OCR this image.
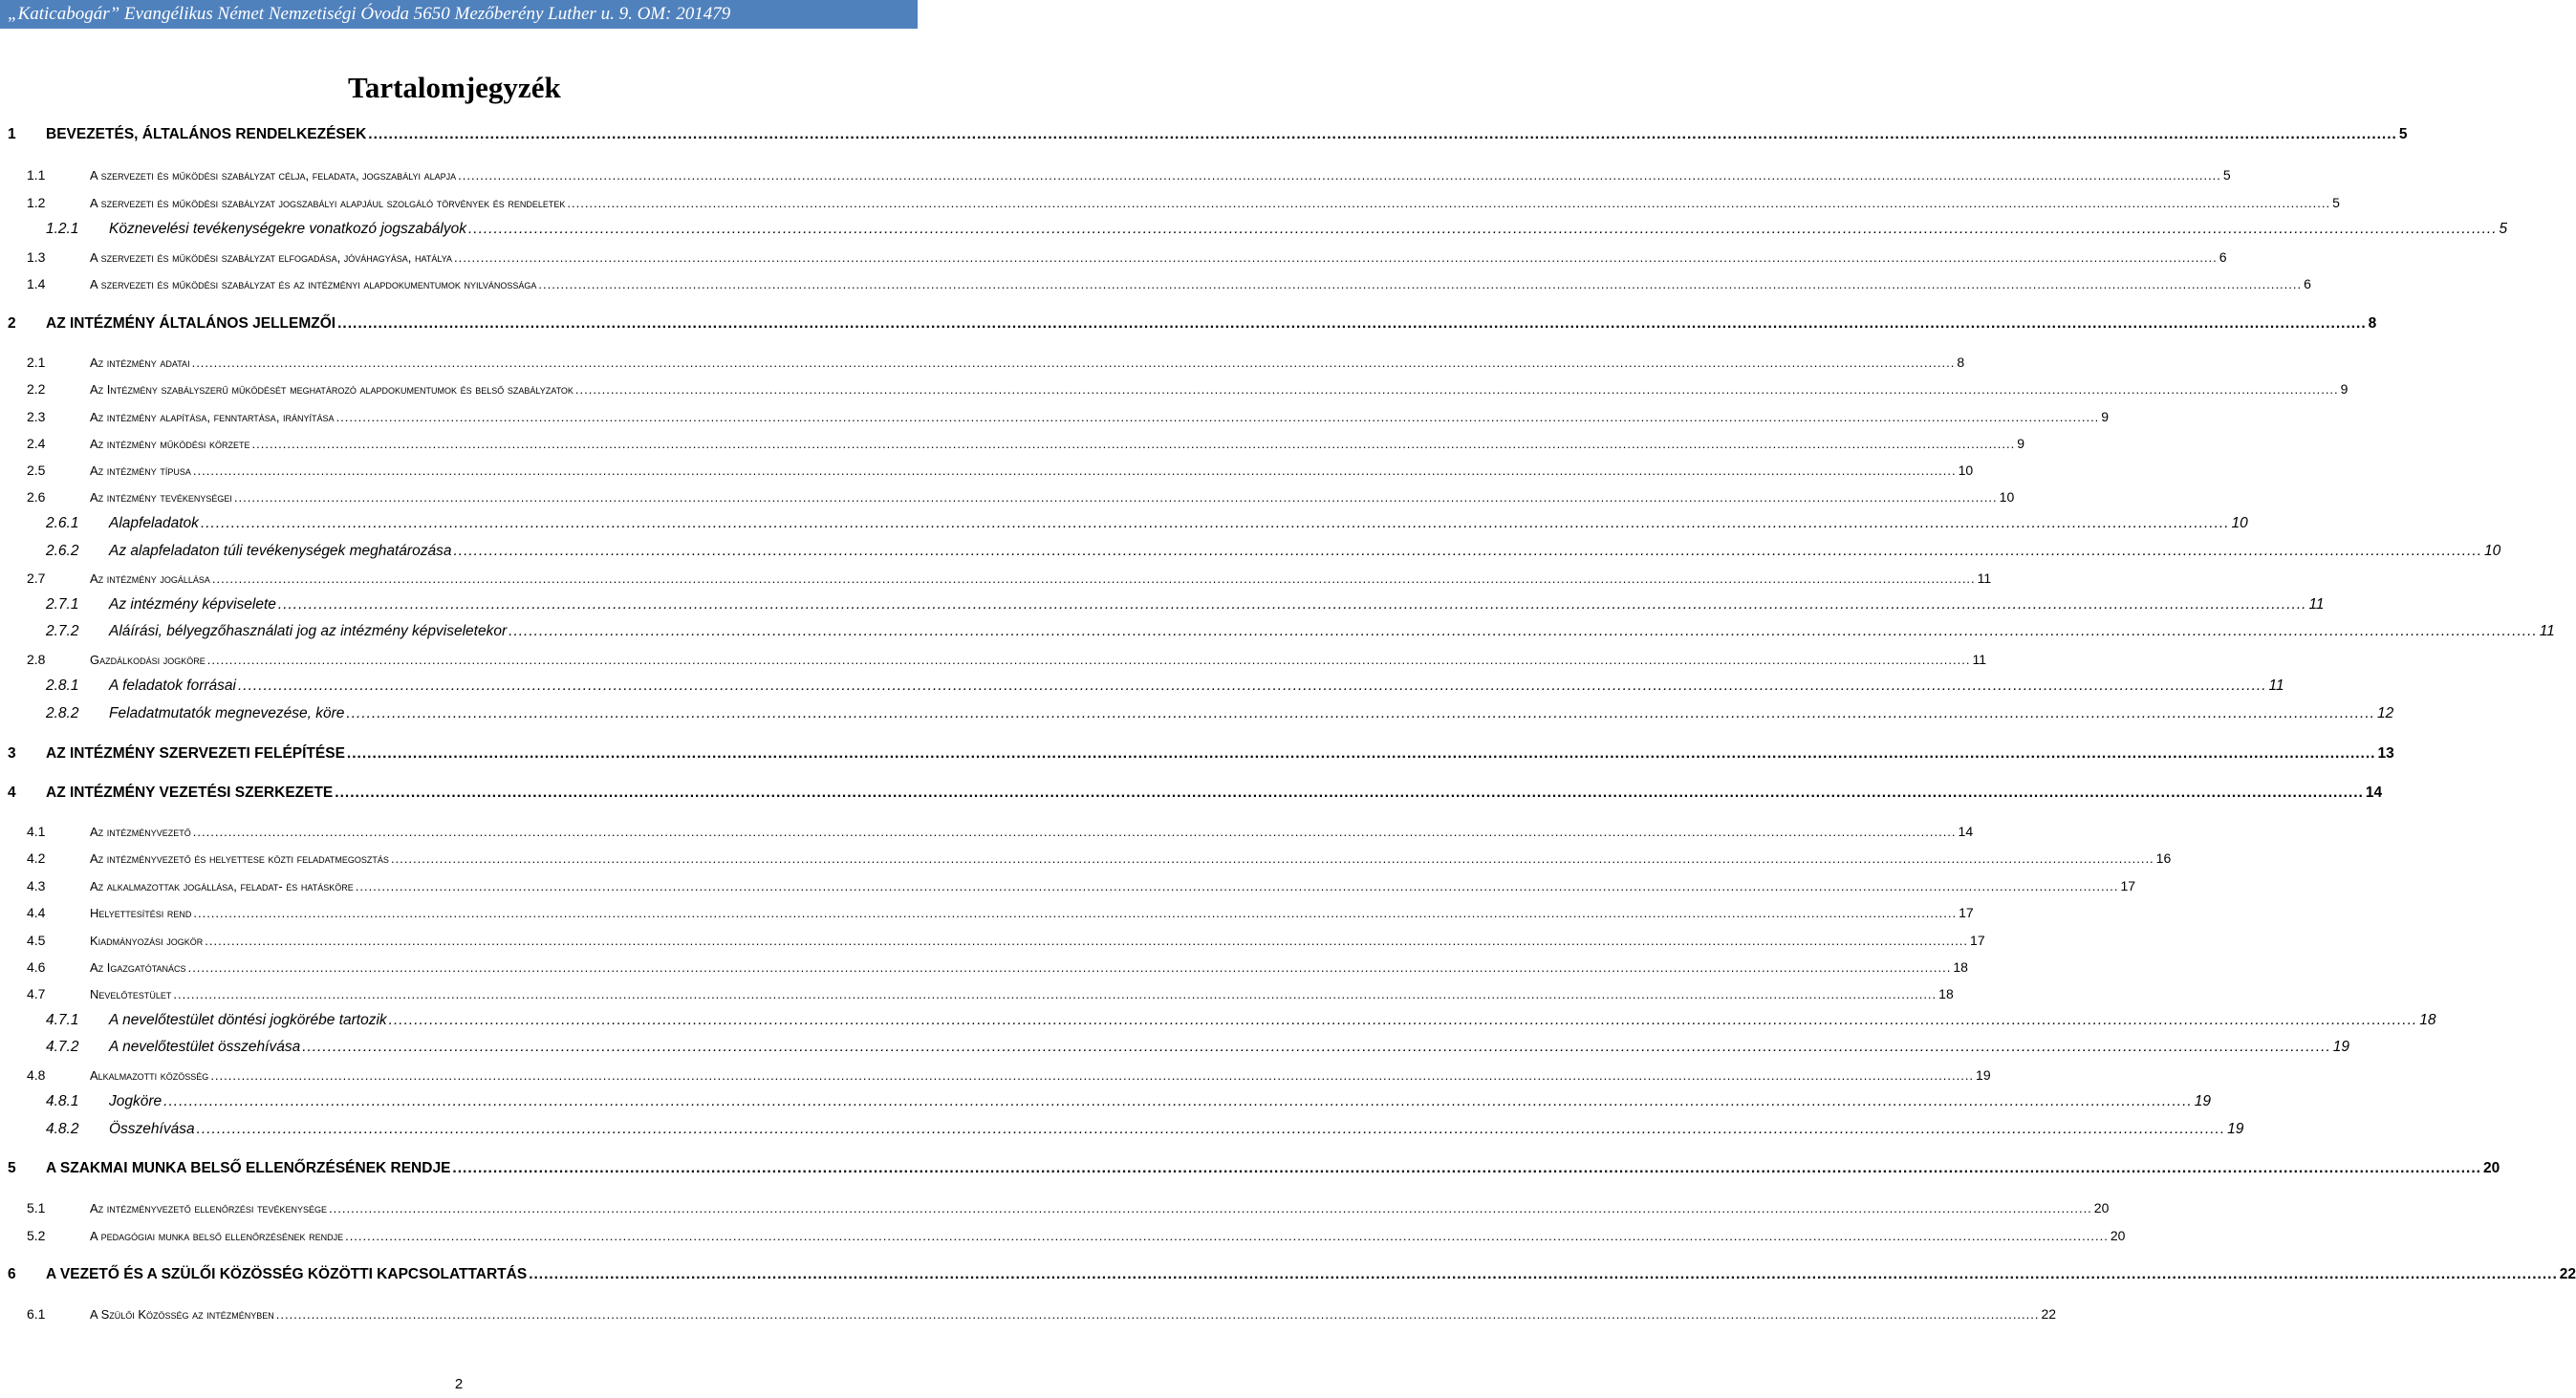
„Katicabogár” Evangélikus Német Nemzetiségi Óvoda 5650 Mezőberény Luther u. 9. OM: 201479
Tartalomjegyzék
1 BEVEZETÉS, ÁLTALÁNOS RENDELKEZÉSEK ................................................................................................................................................................................................................................................................................................................................................................................................................ 5
1.1	A szervezeti és működési szabályzat célja, feladata, jogszabályi alapja ................................................................................................................................................................................................................................................................................................................................................................................................................ 5
1.2	A szervezeti és működési szabályzat jogszabályi alapjául szolgáló törvények és rendeletek ................................................................................................................................................................................................................................................................................................................................................................................................................ 5
1.2.1 Köznevelési tevékenységekre vonatkozó jogszabályok ................................................................................................................................................................................................................................................................................................................................................................................................................ 5
1.3	A szervezeti és működési szabályzat elfogadása, jóváhagyása, hatálya ................................................................................................................................................................................................................................................................................................................................................................................................................ 6
1.4	A szervezeti és működési szabályzat és az intézményi alapdokumentumok nyilvánossága ................................................................................................................................................................................................................................................................................................................................................................................................................ 6
2 AZ INTÉZMÉNY ÁLTALÁNOS JELLEMZŐI ................................................................................................................................................................................................................................................................................................................................................................................................................ 8
2.1	Az intézmény adatai ................................................................................................................................................................................................................................................................................................................................................................................................................ 8
2.2	Az Intézmény szabályszerű működését meghatározó alapdokumentumok és belső szabályzatok ................................................................................................................................................................................................................................................................................................................................................................................................................ 9
2.3	Az intézmény alapítása, fenntartása, irányítása ................................................................................................................................................................................................................................................................................................................................................................................................................ 9
2.4	Az intézmény működési körzete ................................................................................................................................................................................................................................................................................................................................................................................................................ 9
2.5	Az intézmény típusa ................................................................................................................................................................................................................................................................................................................................................................................................................ 10
2.6	Az intézmény tevékenységei ................................................................................................................................................................................................................................................................................................................................................................................................................ 10
2.6.1 Alapfeladatok ................................................................................................................................................................................................................................................................................................................................................................................................................ 10
2.6.2 Az alapfeladaton túli tevékenységek meghatározása ................................................................................................................................................................................................................................................................................................................................................................................................................ 10
2.7	Az intézmény jogállása ................................................................................................................................................................................................................................................................................................................................................................................................................ 11
2.7.1 Az intézmény képviselete ................................................................................................................................................................................................................................................................................................................................................................................................................ 11
2.7.2 Aláírási, bélyegzőhasználati jog az intézmény képviseletekor ................................................................................................................................................................................................................................................................................................................................................................................................................ 11
2.8	Gazdálkodási jogköre ................................................................................................................................................................................................................................................................................................................................................................................................................ 11
2.8.1 A feladatok forrásai ................................................................................................................................................................................................................................................................................................................................................................................................................ 11
2.8.2 Feladatmutatók megnevezése, köre ................................................................................................................................................................................................................................................................................................................................................................................................................ 12
3 AZ INTÉZMÉNY SZERVEZETI FELÉPÍTÉSE ................................................................................................................................................................................................................................................................................................................................................................................................................ 13
4 AZ INTÉZMÉNY VEZETÉSI SZERKEZETE ................................................................................................................................................................................................................................................................................................................................................................................................................ 14
4.1	Az intézményvezető ................................................................................................................................................................................................................................................................................................................................................................................................................ 14
4.2	Az intézményvezető és helyettese közti feladatmegosztás ................................................................................................................................................................................................................................................................................................................................................................................................................ 16
4.3	Az alkalmazottak jogállása, feladat- és hatásköre ................................................................................................................................................................................................................................................................................................................................................................................................................ 17
4.4	Helyettesítési rend ................................................................................................................................................................................................................................................................................................................................................................................................................ 17
4.5	Kiadmányozási jogkör ................................................................................................................................................................................................................................................................................................................................................................................................................ 17
4.6	Az Igazgatótanács ................................................................................................................................................................................................................................................................................................................................................................................................................ 18
4.7	Nevelőtestület ................................................................................................................................................................................................................................................................................................................................................................................................................ 18
4.7.1 A nevelőtestület döntési jogkörébe tartozik ................................................................................................................................................................................................................................................................................................................................................................................................................ 18
4.7.2 A nevelőtestület összehívása ................................................................................................................................................................................................................................................................................................................................................................................................................ 19
4.8	Alkalmazotti közösség ................................................................................................................................................................................................................................................................................................................................................................................................................ 19
4.8.1 Jogköre ................................................................................................................................................................................................................................................................................................................................................................................................................ 19
4.8.2 Összehívása ................................................................................................................................................................................................................................................................................................................................................................................................................ 19
5 A SZAKMAI MUNKA BELSŐ ELLENŐRZÉSÉNEK RENDJE ................................................................................................................................................................................................................................................................................................................................................................................................................ 20
5.1	Az intézményvezető ellenőrzési tevékenysége ................................................................................................................................................................................................................................................................................................................................................................................................................ 20
5.2	A pedagógiai munka belső ellenőrzésének rendje ................................................................................................................................................................................................................................................................................................................................................................................................................ 20
6 A VEZETŐ ÉS A SZÜLŐI KÖZÖSSÉG KÖZÖTTI KAPCSOLATTARTÁS ................................................................................................................................................................................................................................................................................................................................................................................................................ 22
6.1	A Szülői Közösség az intézményben ................................................................................................................................................................................................................................................................................................................................................................................................................ 22
2
